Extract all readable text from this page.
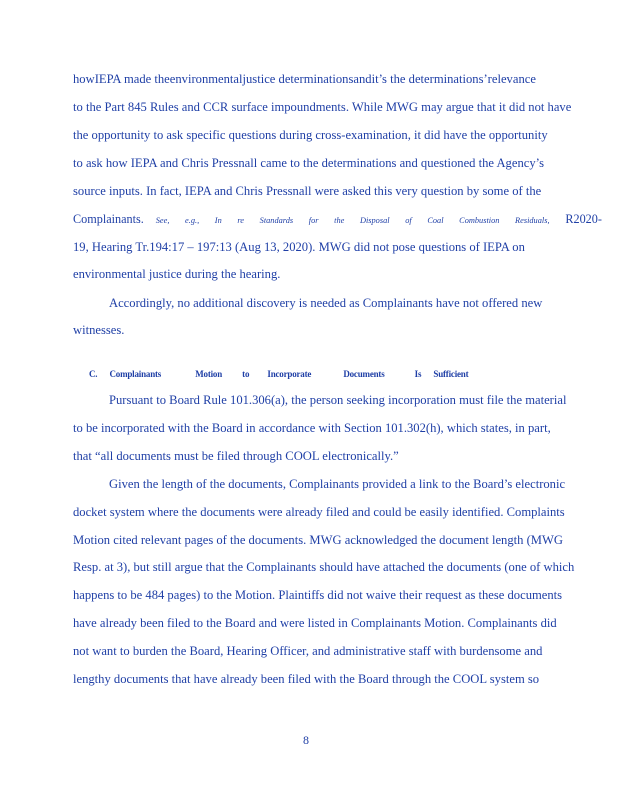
howIEPA made theenvironmentaljustice determinationsandit’s the determinations’relevance
to the Part 845 Rules and CCR surface impoundments. While MWG may argue that it did not have
the opportunity to ask specific questions during cross-examination, it did have the opportunity
to ask how IEPA and Chris Pressnall came to the determinations and questioned the Agency’s
source inputs. In fact, IEPA and Chris Pressnall were asked this very question by some of the
Complainants. See, e.g., In re Standards for the Disposal of Coal Combustion Residuals, R2020-
19, Hearing Tr.194:17 – 197:13 (Aug 13, 2020). MWG did not pose questions of IEPA on
environmental justice during the hearing.
Accordingly, no additional discovery is needed as Complainants have not offered new
witnesses.
C. Complainants	Motion to Incorporate	Documents	Is Sufficient
Pursuant to Board Rule 101.306(a), the person seeking incorporation must file the material
to be incorporated with the Board in accordance with Section 101.302(h), which states, in part,
that “all documents must be filed through COOL electronically.”
Given the length of the documents, Complainants provided a link to the Board’s electronic
docket system where the documents were already filed and could be easily identified. Complaints
Motion cited relevant pages of the documents. MWG acknowledged the document length (MWG
Resp. at 3), but still argue that the Complainants should have attached the documents (one of which
happens to be 484 pages) to the Motion. Plaintiffs did not waive their request as these documents
have already been filed to the Board and were listed in Complainants Motion. Complainants did
not want to burden the Board, Hearing Officer, and administrative staff with burdensome and
lengthy documents that have already been filed with the Board through the COOL system so
8
